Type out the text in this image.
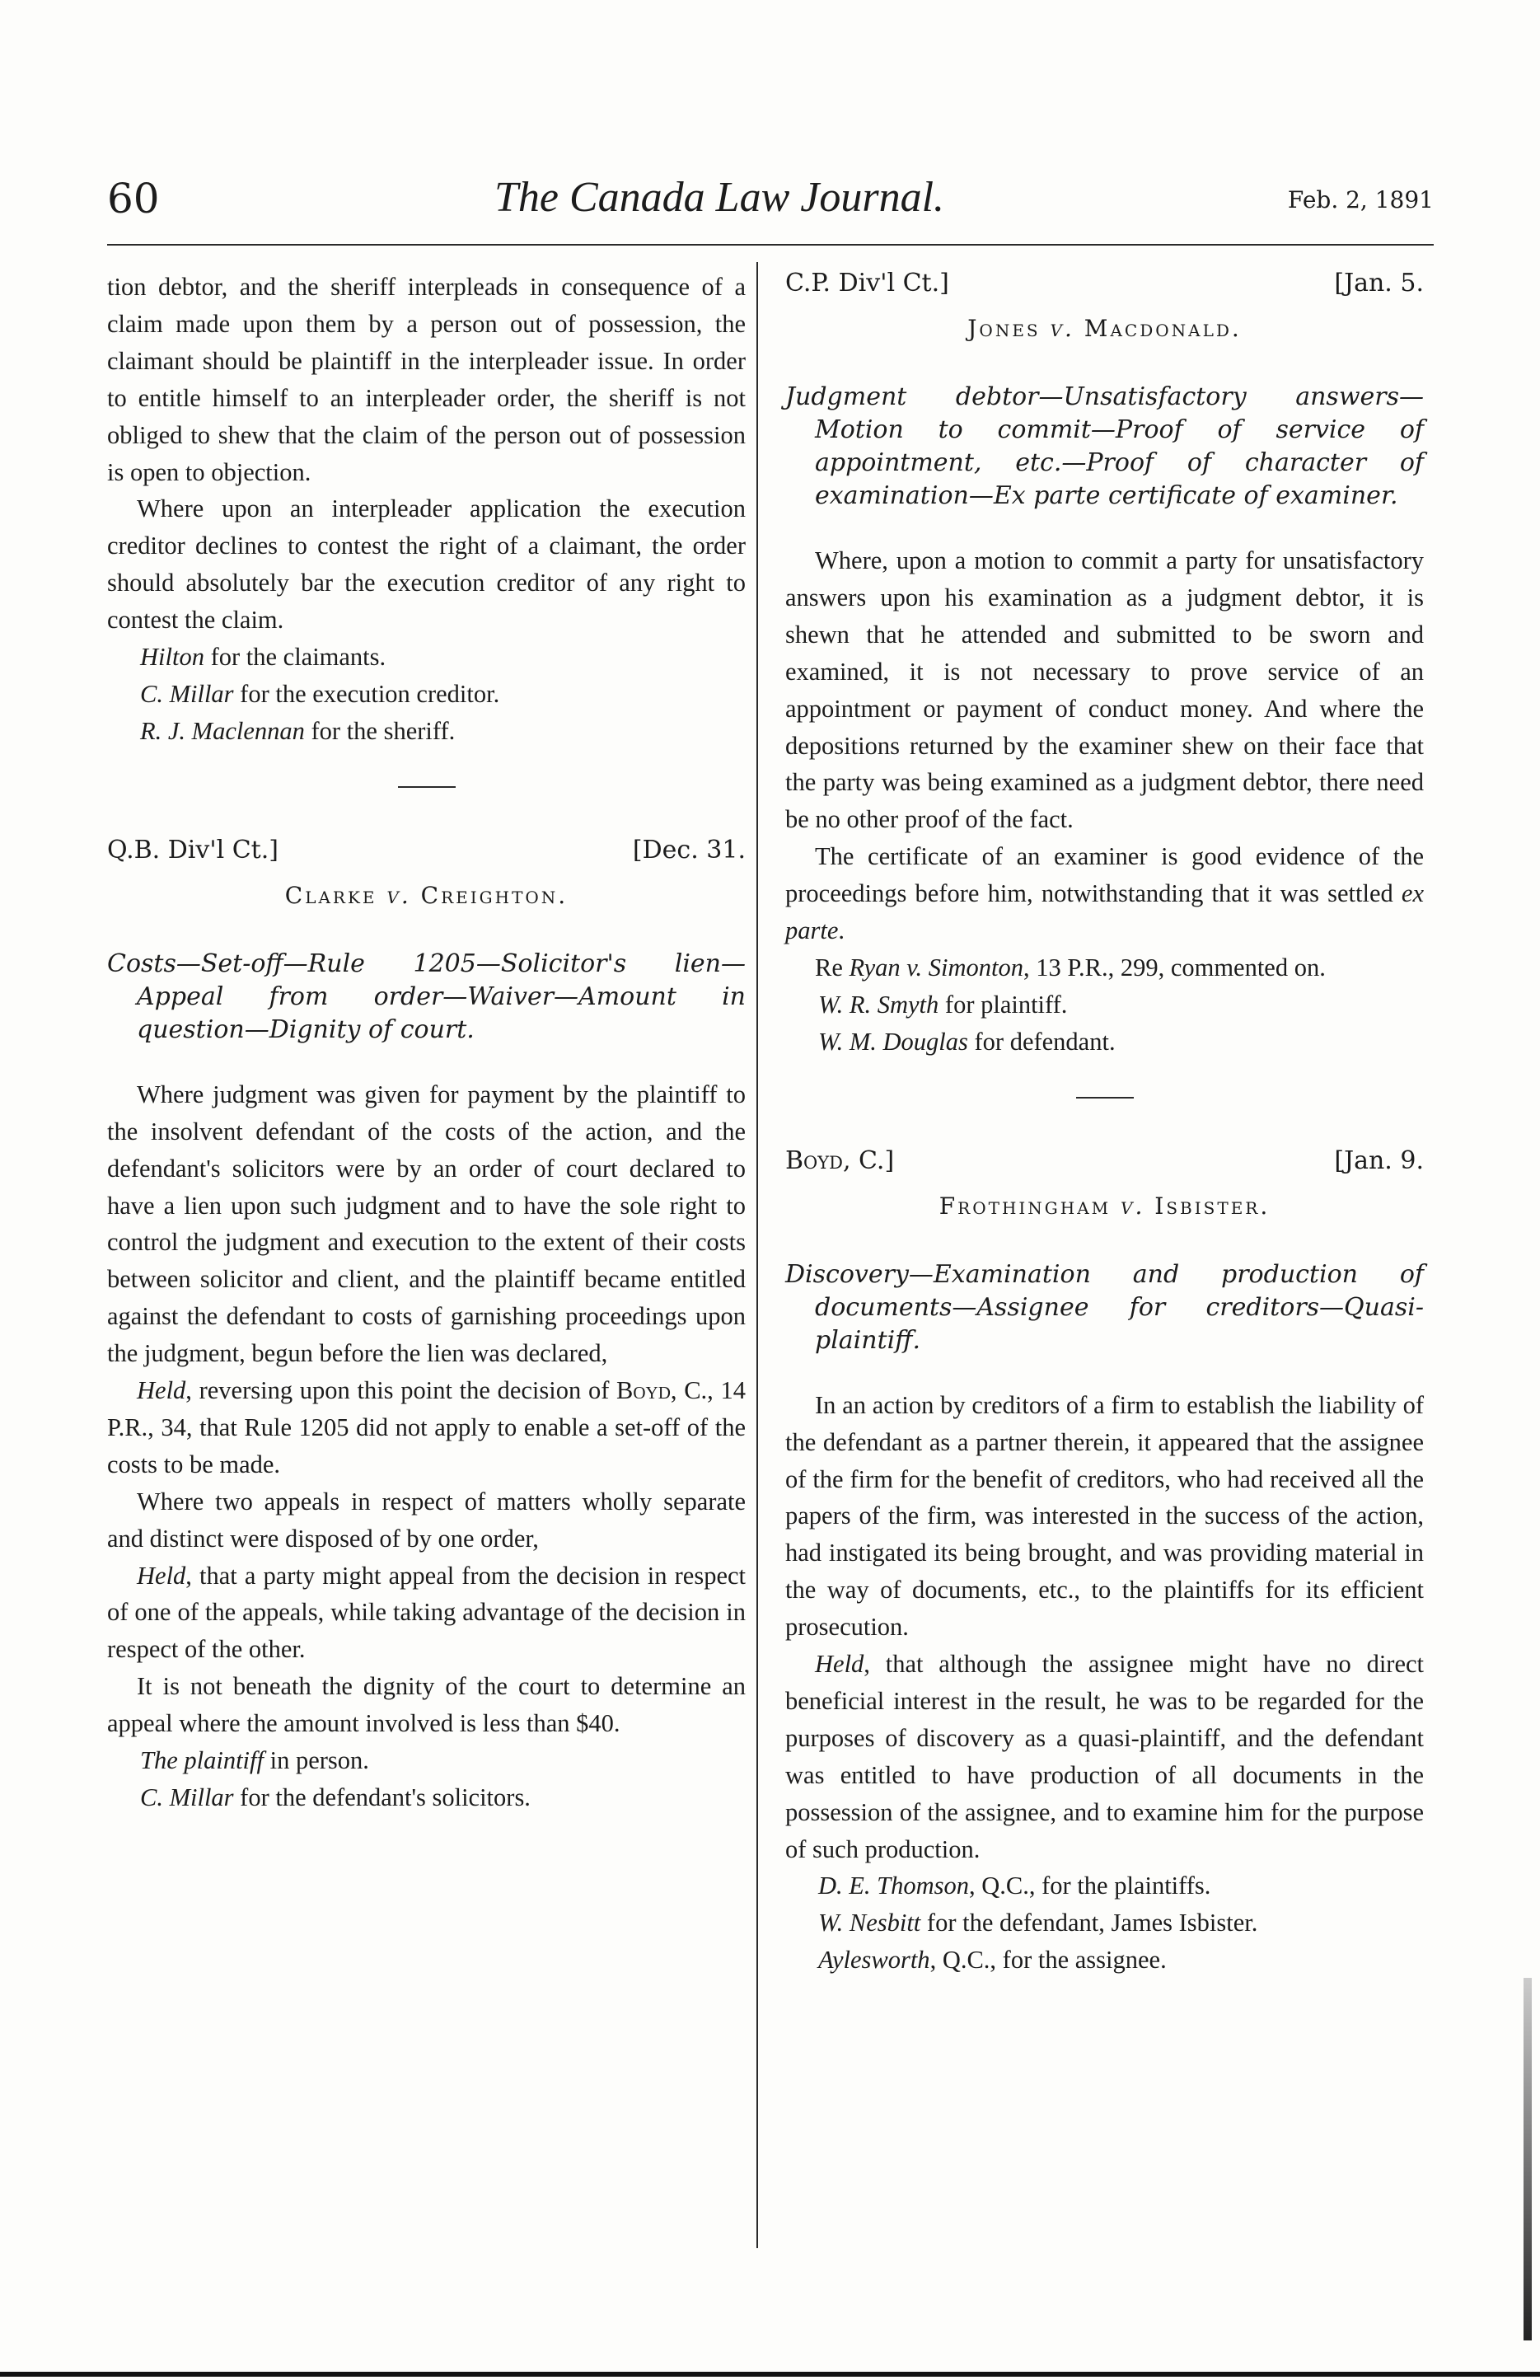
60	The Canada Law Journal.	Feb. 2, 1891

tion debtor, and the sheriff interpleads in consequence of a claim made upon them by a person out of possession, the claimant should be plaintiff in the interpleader issue. In order to entitle himself to an interpleader order, the sheriff is not obliged to shew that the claim of the person out of possession is open to objection.

Where upon an interpleader application the execution creditor declines to contest the right of a claimant, the order should absolutely bar the execution creditor of any right to contest the claim.

Hilton for the claimants.

C. Millar for the execution creditor.

R. J. Maclennan for the sheriff.

Q.B. Div'l Ct.]	[Dec. 31.
Clarke v. Creighton.
Costs—Set-off—Rule 1205—Solicitor's lien—Appeal from order—Waiver—Amount in question—Dignity of court.

Where judgment was given for payment by the plaintiff to the insolvent defendant of the costs of the action, and the defendant's solicitors were by an order of court declared to have a lien upon such judgment and to have the sole right to control the judgment and execution to the extent of their costs between solicitor and client, and the plaintiff became entitled against the defendant to costs of garnishing proceedings upon the judgment, begun before the lien was declared,

Held, reversing upon this point the decision of Boyd, C., 14 P.R., 34, that Rule 1205 did not apply to enable a set-off of the costs to be made.

Where two appeals in respect of matters wholly separate and distinct were disposed of by one order,

Held, that a party might appeal from the decision in respect of one of the appeals, while taking advantage of the decision in respect of the other.

It is not beneath the dignity of the court to determine an appeal where the amount involved is less than $40.

The plaintiff in person.

C. Millar for the defendant's solicitors.

C.P. Div'l Ct.]	[Jan. 5.
Jones v. Macdonald.
Judgment debtor—Unsatisfactory answers—Motion to commit—Proof of service of appointment, etc.—Proof of character of examination—Ex parte certificate of examiner.

Where, upon a motion to commit a party for unsatisfactory answers upon his examination as a judgment debtor, it is shewn that he attended and submitted to be sworn and examined, it is not necessary to prove service of an appointment or payment of conduct money. And where the depositions returned by the examiner shew on their face that the party was being examined as a judgment debtor, there need be no other proof of the fact.

The certificate of an examiner is good evidence of the proceedings before him, notwithstanding that it was settled ex parte.

Re Ryan v. Simonton, 13 P.R., 299, commented on.

W. R. Smyth for plaintiff.

W. M. Douglas for defendant.

Boyd, C.]	[Jan. 9.
Frothingham v. Isbister.
Discovery—Examination and production of documents—Assignee for creditors—Quasi-plaintiff.

In an action by creditors of a firm to establish the liability of the defendant as a partner therein, it appeared that the assignee of the firm for the benefit of creditors, who had received all the papers of the firm, was interested in the success of the action, had instigated its being brought, and was providing material in the way of documents, etc., to the plaintiffs for its efficient prosecution.

Held, that although the assignee might have no direct beneficial interest in the result, he was to be regarded for the purposes of discovery as a quasi-plaintiff, and the defendant was entitled to have production of all documents in the possession of the assignee, and to examine him for the purpose of such production.

D. E. Thomson, Q.C., for the plaintiffs.

W. Nesbitt for the defendant, James Isbister.

Aylesworth, Q.C., for the assignee.
